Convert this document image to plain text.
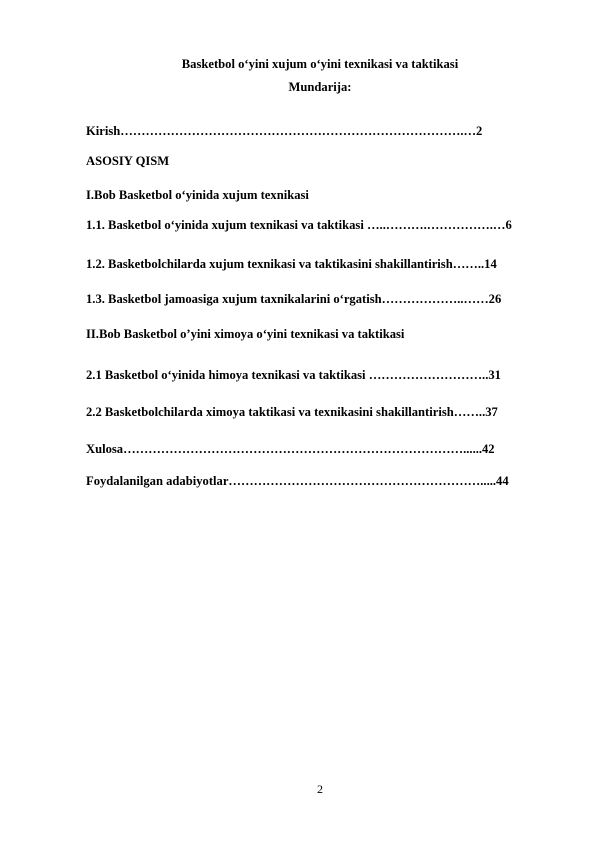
Basketbol o‘yini xujum o‘yini texnikasi va taktikasi
Mundarija:
Kirish……………………………………………………………………….…2
ASOSIY QISM
I.Bob Basketbol o‘yinida xujum texnikasi
1.1. Basketbol o‘yinida xujum texnikasi va taktikasi …..……….…………….…6
1.2. Basketbolchilarda xujum texnikasi va taktikasini shakillantirish……..14
1.3. Basketbol jamoasiga xujum taxnikalarini o‘rgatish………………..……26
II.Bob Basketbol o’yini ximoya o‘yini texnikasi va taktikasi
2.1 Basketbol o‘yinida himoya texnikasi va taktikasi ………………………..31
2.2 Basketbolchilarda ximoya taktikasi va texnikasini shakillantirish……..37
Xulosa………………………………………………………………………......42
Foydalanilgan adabiyotlar…………………………………………………….....44
2
